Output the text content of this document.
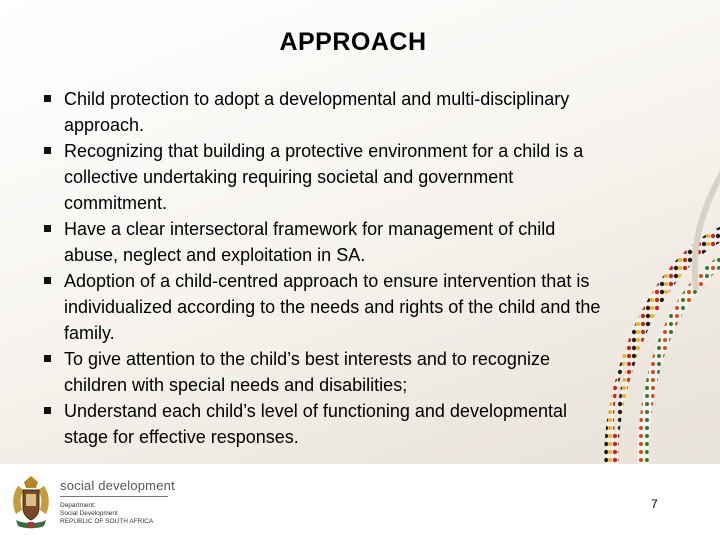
APPROACH
Child protection to adopt a developmental and multi-disciplinary
approach.
Recognizing that building a protective environment for a child is a
collective undertaking requiring societal and government
commitment.
Have a clear intersectoral framework for management of child
abuse, neglect and exploitation in SA.
Adoption of a child-centred approach to ensure intervention that is
individualized according to the needs and rights of the child and the
family.
To give attention to the child’s best interests and to recognize
children with special needs and disabilities;
Understand each child’s level of functioning and developmental
stage for effective responses.
social development
Department:
Social Development
REPUBLIC OF SOUTH AFRICA
7
